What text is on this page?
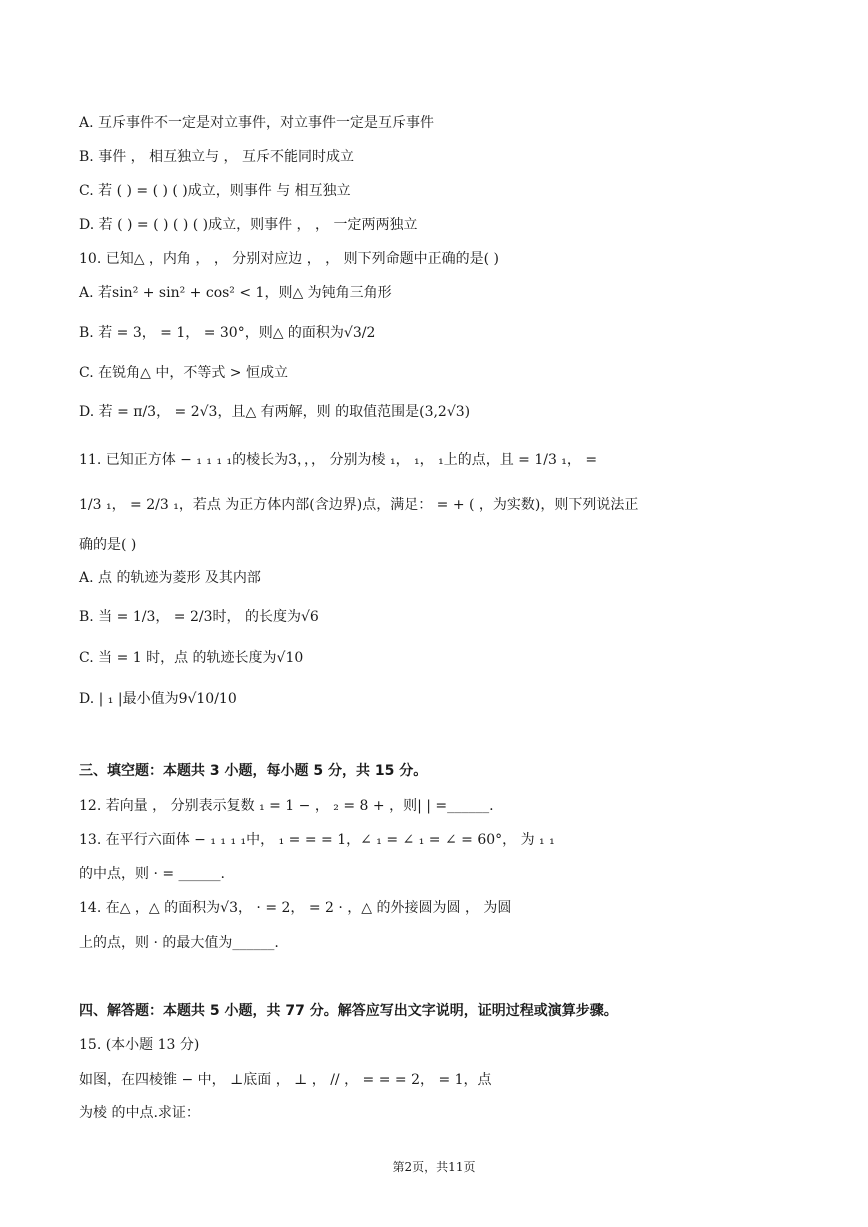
A. 互斥事件不一定是对立事件，对立事件一定是互斥事件
B. 事件 ， 相互独立与 ， 互斥不能同时成立
C. 若 ( ) = ( ) ( )成立，则事件 与 相互独立
D. 若 ( ) = ( ) ( ) ( )成立，则事件 ， ， 一定两两独立
10. 已知△ ，内角 ， ， 分别对应边 ， ， 则下列命题中正确的是( )
A. 若sin² + sin² + cos² < 1，则△ 为钝角三角形
B. 若 = 3， = 1， = 30°，则△ 的面积为√3/2
C. 在锐角△ 中，不等式 > 恒成立
D. 若 = π/3， = 2√3，且△ 有两解，则 的取值范围是(3,2√3)
11. 已知正方体 − ₁ ₁ ₁ ₁的棱长为3，，， 分别为棱 ₁， ₁， ₁上的点，且 = 1/3 ₁， =
1/3 ₁， = 2/3 ₁，若点 为正方体内部(含边界)点，满足： = + ( ，为实数)，则下列说法正
确的是( )
A. 点 的轨迹为菱形 及其内部
B. 当 = 1/3， = 2/3时， 的长度为√6
C. 当 = 1 时，点 的轨迹长度为√10
D. | ₁ |最小值为9√10/10
三、填空题：本题共 3 小题，每小题 5 分，共 15 分。
12. 若向量 ， 分别表示复数 ₁ = 1 − ， ₂ = 8 + ，则| | =______.
13. 在平行六面体 − ₁ ₁ ₁ ₁中， ₁ = = = 1，∠ ₁ = ∠ ₁ = ∠ = 60°， 为 ₁ ₁
的中点，则 · = ______.
14. 在△ ，△ 的面积为√3， · = 2， = 2 · ，△ 的外接圆为圆 ， 为圆
上的点，则 · 的最大值为______.
四、解答题：本题共 5 小题，共 77 分。解答应写出文字说明，证明过程或演算步骤。
15. (本小题 13 分)
如图，在四棱锥 − 中， ⊥底面 ， ⊥ ， // ， = = = 2， = 1，点
为棱 的中点.求证：
第2页，共11页
